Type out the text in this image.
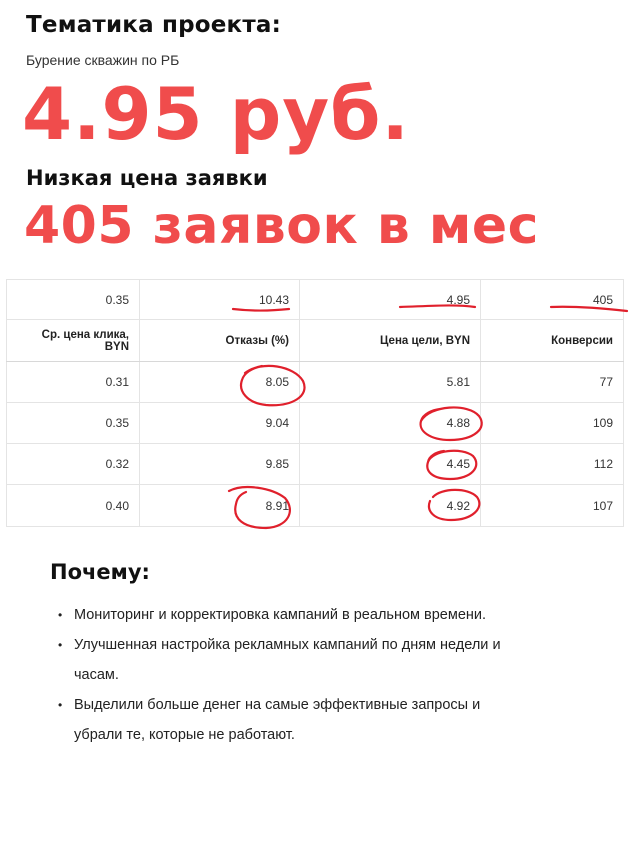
Тематика проекта:
Бурение скважин по РБ
4.95 руб.
Низкая цена заявки
405 заявок в мес
0.35	10.43	4.95	405
Ср. цена клика, BYN	Отказы (%)	Цена цели, BYN	Конверсии
0.31	8.05	5.81	77
0.35	9.04	4.88	109
0.32	9.85	4.45	112
0.40	8.91	4.92	107
Почему:
• Мониторинг и корректировка кампаний в реальном времени.
• Улучшенная настройка рекламных кампаний по дням недели и часам.
• Выделили больше денег на самые эффективные запросы и убрали те, которые не работают.
